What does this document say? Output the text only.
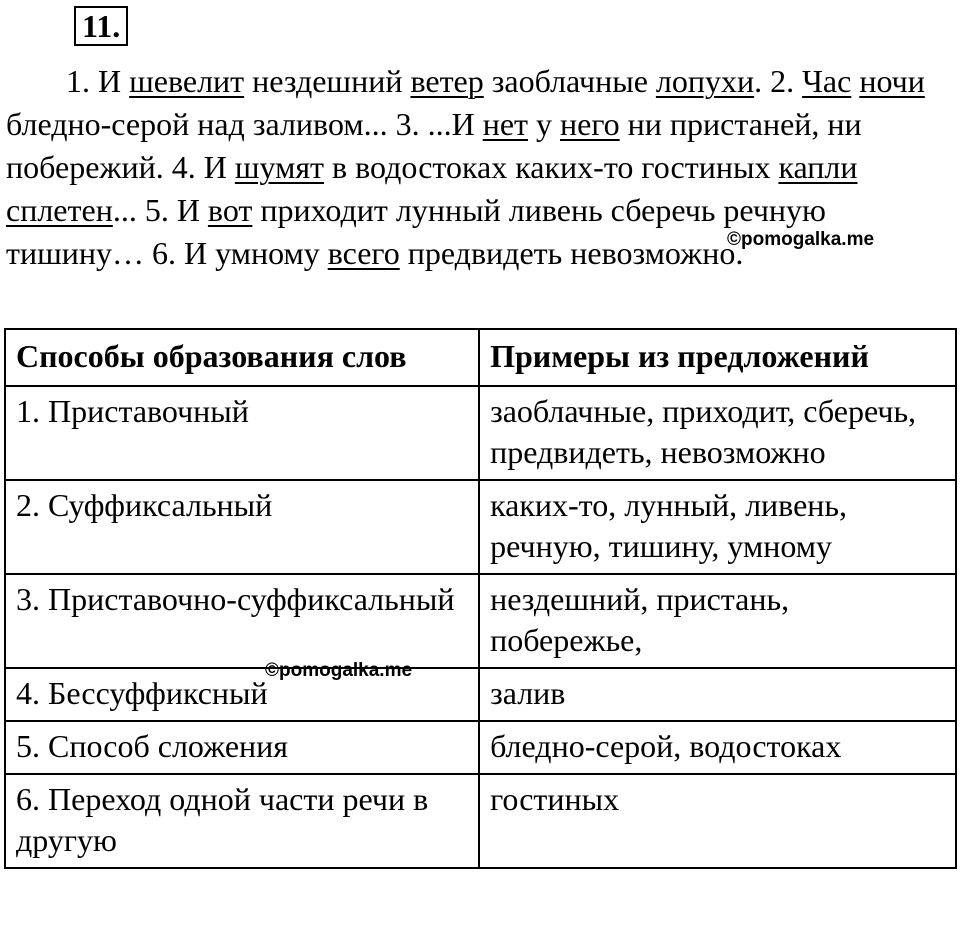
11.

1. И шевелит нездешний ветер заоблачные лопухи. 2. Час ночи бледно-серой над заливом... 3. ...И нет у него ни пристаней, ни побережий. 4. И шумят в водостоках каких-то гостиных капли сплетен... 5. И вот приходит лунный ливень сберечь речную тишину… 6. И умному всего предвидеть невозможно.

©pomogalka.me
Способы образования слов	Примеры из предложений
1. Приставочный	заоблачные, приходит, сберечь, предвидеть, невозможно
2. Суффиксальный	каких-то, лунный, ливень, речную, тишину, умному
3. Приставочно-суффиксальный	нездешний, пристань, побережье,
4. Бессуффиксный	залив
5. Способ сложения	бледно-серой, водостоках
6. Переход одной части речи в другую	гостиных
©pomogalka.me
